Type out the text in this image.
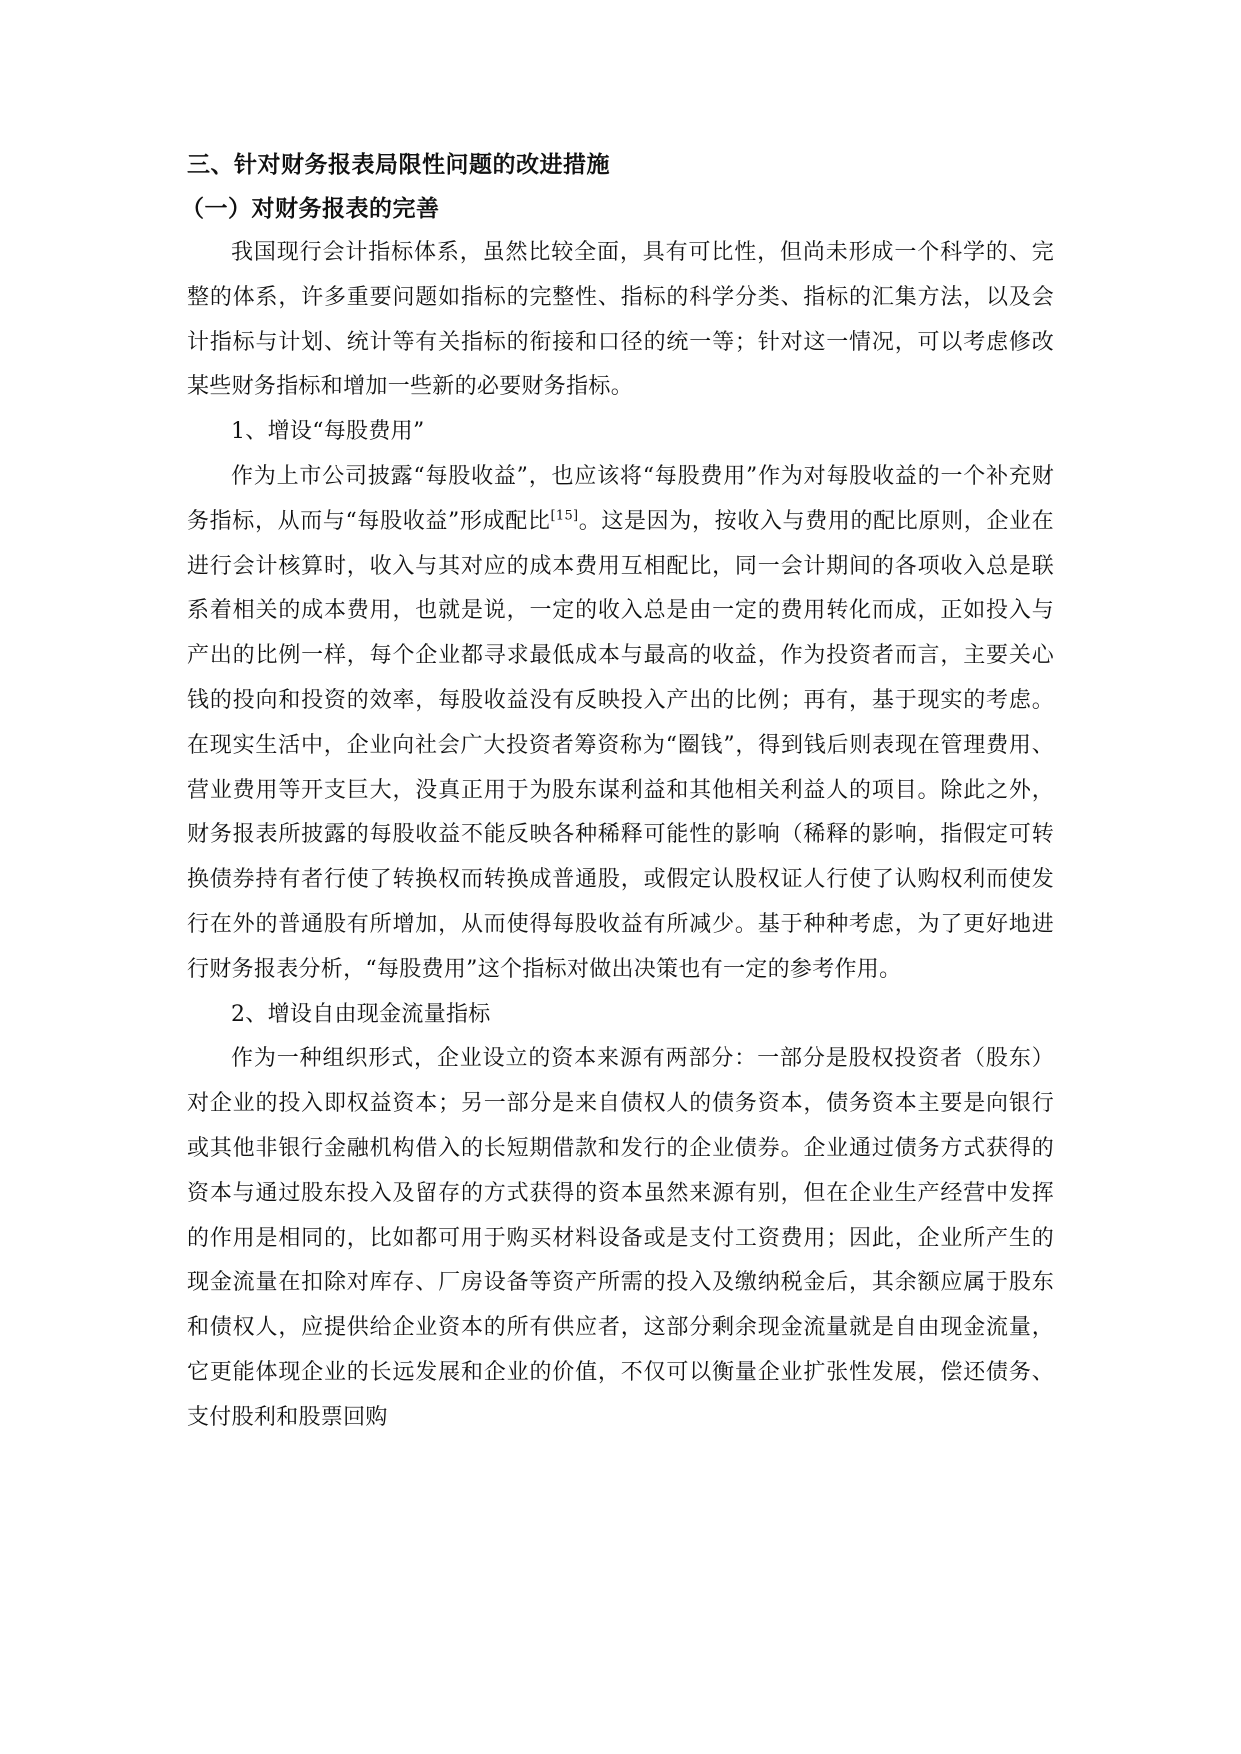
三、针对财务报表局限性问题的改进措施

（一）对财务报表的完善

我国现行会计指标体系，虽然比较全面，具有可比性，但尚未形成一个科学的、完整的体系，许多重要问题如指标的完整性、指标的科学分类、指标的汇集方法，以及会计指标与计划、统计等有关指标的衔接和口径的统一等；针对这一情况，可以考虑修改某些财务指标和增加一些新的必要财务指标。

1、增设“每股费用”

作为上市公司披露“每股收益”，也应该将“每股费用”作为对每股收益的一个补充财务指标，从而与“每股收益”形成配比[15]。这是因为，按收入与费用的配比原则，企业在进行会计核算时，收入与其对应的成本费用互相配比，同一会计期间的各项收入总是联系着相关的成本费用，也就是说，一定的收入总是由一定的费用转化而成，正如投入与产出的比例一样，每个企业都寻求最低成本与最高的收益，作为投资者而言，主要关心钱的投向和投资的效率，每股收益没有反映投入产出的比例；再有，基于现实的考虑。在现实生活中，企业向社会广大投资者筹资称为“圈钱”，得到钱后则表现在管理费用、营业费用等开支巨大，没真正用于为股东谋利益和其他相关利益人的项目。除此之外，财务报表所披露的每股收益不能反映各种稀释可能性的影响（稀释的影响，指假定可转换债券持有者行使了转换权而转换成普通股，或假定认股权证人行使了认购权利而使发行在外的普通股有所增加，从而使得每股收益有所减少。基于种种考虑，为了更好地进行财务报表分析，“每股费用”这个指标对做出决策也有一定的参考作用。

2、增设自由现金流量指标

作为一种组织形式，企业设立的资本来源有两部分：一部分是股权投资者（股东）对企业的投入即权益资本；另一部分是来自债权人的债务资本，债务资本主要是向银行或其他非银行金融机构借入的长短期借款和发行的企业债券。企业通过债务方式获得的资本与通过股东投入及留存的方式获得的资本虽然来源有别，但在企业生产经营中发挥的作用是相同的，比如都可用于购买材料设备或是支付工资费用；因此，企业所产生的现金流量在扣除对库存、厂房设备等资产所需的投入及缴纳税金后，其余额应属于股东和债权人，应提供给企业资本的所有供应者，这部分剩余现金流量就是自由现金流量，它更能体现企业的长远发展和企业的价值，不仅可以衡量企业扩张性发展，偿还债务、支付股利和股票回购
